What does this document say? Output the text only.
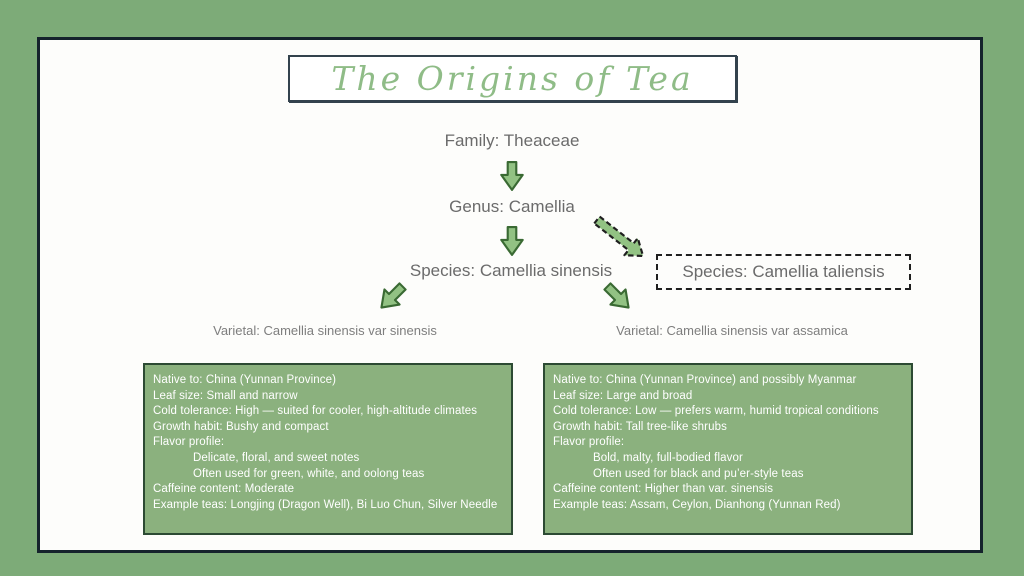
The Origins of Tea
Family: Theaceae
Genus: Camellia
Species: Camellia sinensis	Species: Camellia taliensis
Varietal: Camellia sinensis var sinensis	Varietal: Camellia sinensis var assamica
Native to: China (Yunnan Province)
Leaf size: Small and narrow
Cold tolerance: High — suited for cooler, high-altitude climates
Growth habit: Bushy and compact
Flavor profile:
Delicate, floral, and sweet notes
Often used for green, white, and oolong teas
Caffeine content: Moderate
Example teas: Longjing (Dragon Well), Bi Luo Chun, Silver Needle
Native to: China (Yunnan Province) and possibly Myanmar
Leaf size: Large and broad
Cold tolerance: Low — prefers warm, humid tropical conditions
Growth habit: Tall tree-like shrubs
Flavor profile:
Bold, malty, full-bodied flavor
Often used for black and pu’er-style teas
Caffeine content: Higher than var. sinensis
Example teas: Assam, Ceylon, Dianhong (Yunnan Red)
